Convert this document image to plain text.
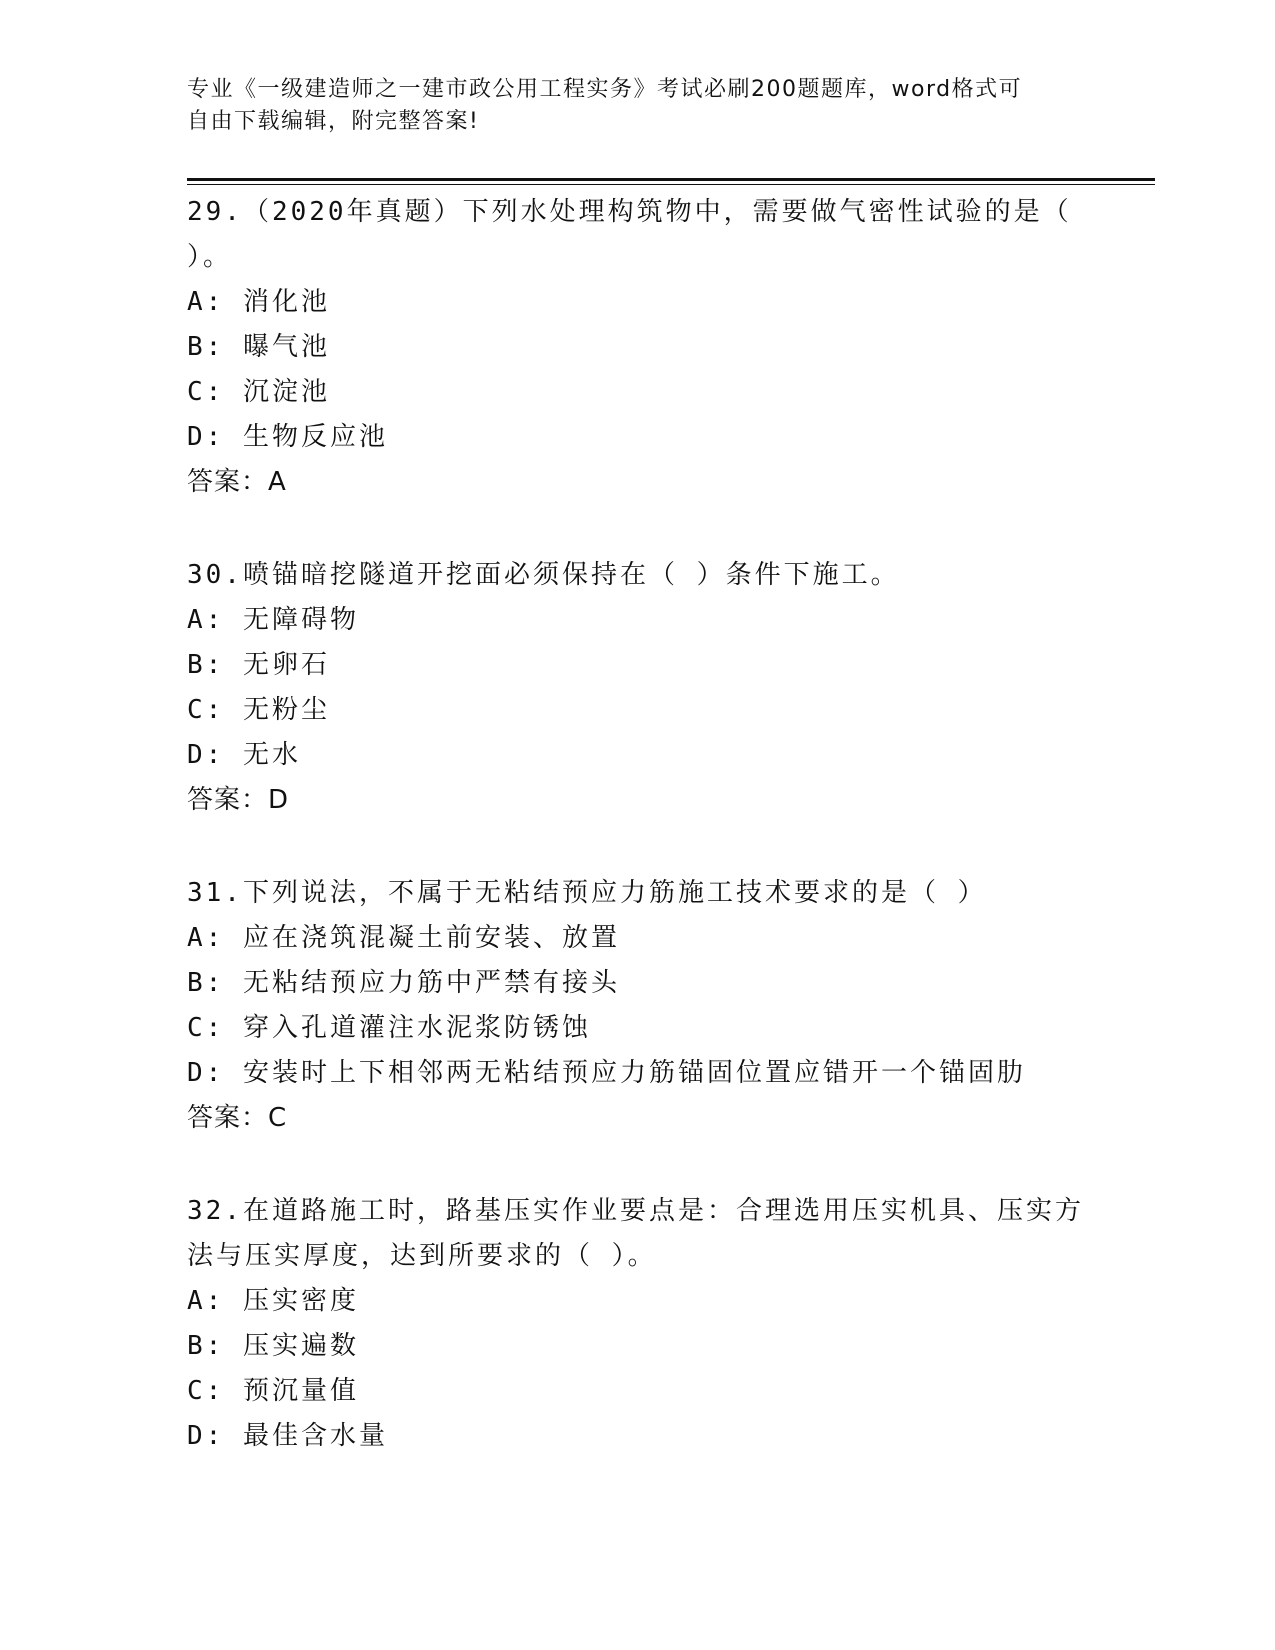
专业《一级建造师之一建市政公用工程实务》考试必刷200题题库，word格式可
自由下载编辑，附完整答案!
29.（2020年真题）下列水处理构筑物中，需要做气密性试验的是（
）。
A: 消化池
B: 曝气池
C: 沉淀池
D: 生物反应池
答案：A
30.喷锚暗挖隧道开挖面必须保持在（ ）条件下施工。
A: 无障碍物
B: 无卵石
C: 无粉尘
D: 无水
答案：D
31.下列说法，不属于无粘结预应力筋施工技术要求的是（ ）
A: 应在浇筑混凝土前安装、放置
B: 无粘结预应力筋中严禁有接头
C: 穿入孔道灌注水泥浆防锈蚀
D: 安装时上下相邻两无粘结预应力筋锚固位置应错开一个锚固肋
答案：C
32.在道路施工时，路基压实作业要点是：合理选用压实机具、压实方
法与压实厚度，达到所要求的（ ）。
A: 压实密度
B: 压实遍数
C: 预沉量值
D: 最佳含水量
